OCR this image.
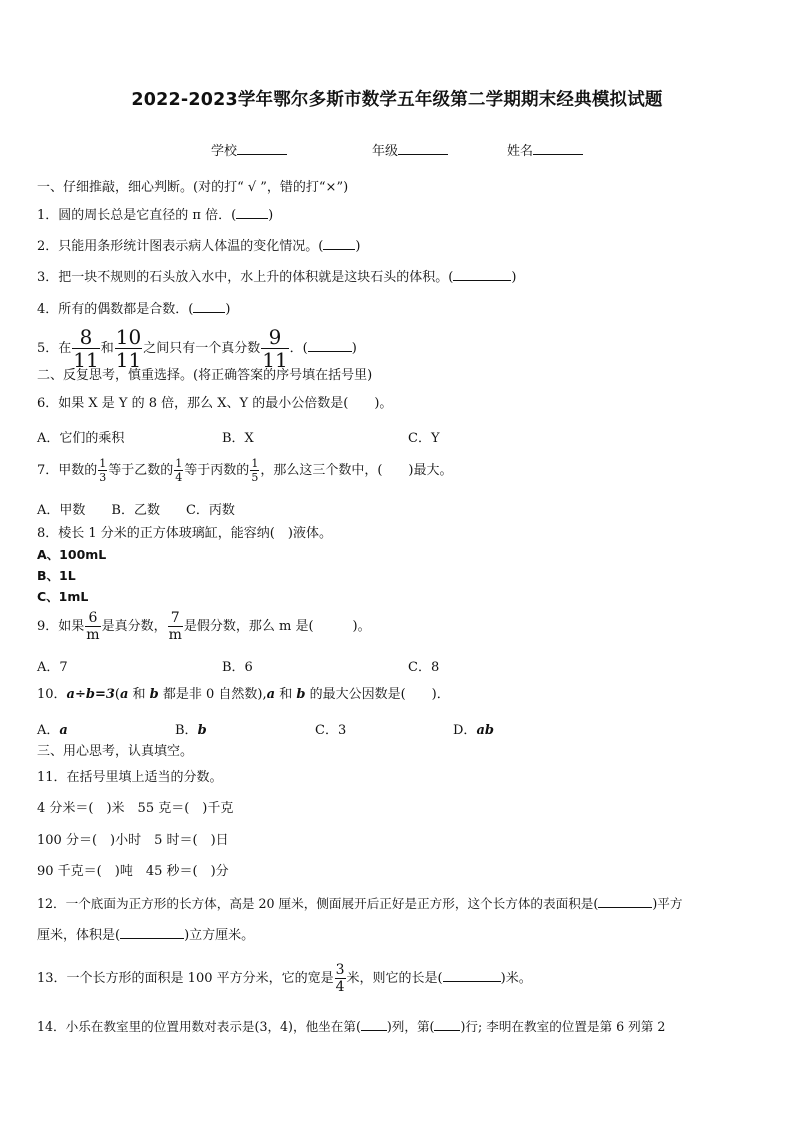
2022-2023学年鄂尔多斯市数学五年级第二学期期末经典模拟试题
学校	年级	姓名
一、仔细推敲，细心判断。(对的打“ √ ”，错的打“×”)
1．圆的周长总是它直径的 π 倍．( )
2．只能用条形统计图表示病人体温的变化情况。( )
3．把一块不规则的石头放入水中，水上升的体积就是这块石头的体积。(	)
4．所有的偶数都是合数．( )
5．在 $\frac{8}{11}$ 和 $\frac{10}{11}$ 之间只有一个真分数 $\frac{9}{11}$ ．(	)
二、反复思考，慎重选择。(将正确答案的序号填在括号里)
6．如果 X 是 Y 的 8 倍，那么 X、Y 的最小公倍数是(　　)。
A．它们的乘积	B．X	C．Y
7．甲数的 $\frac{1}{3}$ 等于乙数的 $\frac{1}{4}$ 等于丙数的 $\frac{1}{5}$ ，那么这三个数中，(　　)最大。
A．甲数　　B．乙数　　C．丙数
8．棱长 1 分米的正方体玻璃缸，能容纳(　)液体。
A、100mL
B、1L
C、1mL
9．如果 $\frac{6}{m}$ 是真分数， $\frac{7}{m}$ 是假分数，那么 m 是(　　　)。
A．7	B．6	C．8
10．a÷b=3(a 和 b 都是非 0 自然数),a 和 b 的最大公因数是(　　)．
A．a	B．b	C．3	D．ab
三、用心思考，认真填空。
11．在括号里填上适当的分数。
4 分米＝(　)米　55 克＝(　)千克
100 分＝(　)小时　5 时＝(　)日
90 千克＝(　)吨　45 秒＝(　)分
12．一个底面为正方形的长方体，高是 20 厘米，侧面展开后正好是正方形，这个长方体的表面积是(	)平方
厘米，体积是(	)立方厘米。
13．一个长方形的面积是 100 平方分米，它的宽是 $\frac{3}{4}$ 米，则它的长是(	)米。
14．小乐在教室里的位置用数对表示是(3，4)，他坐在第( )列，第( )行; 李明在教室的位置是第 6 列第 2
